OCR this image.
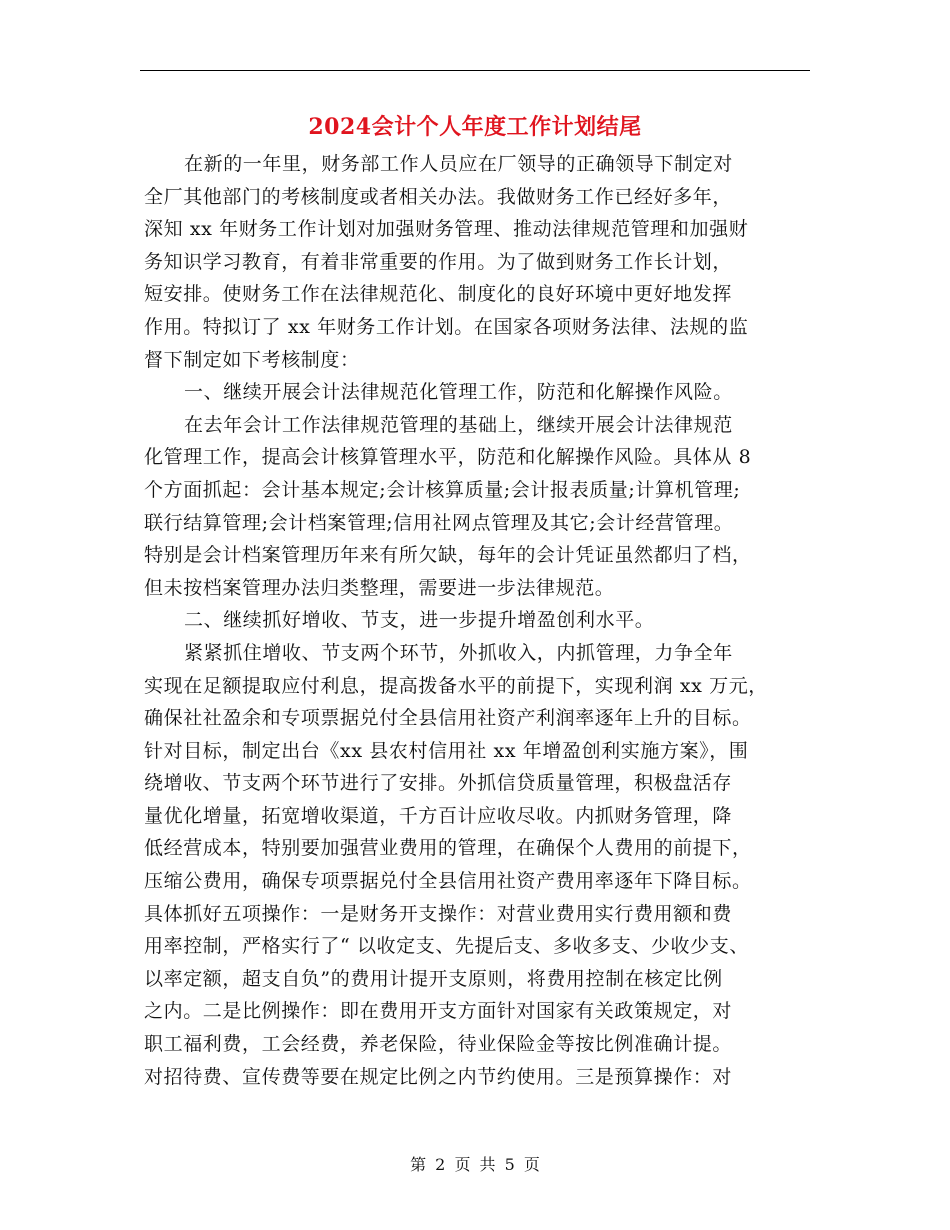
2024会计个人年度工作计划结尾
在新的一年里，财务部工作人员应在厂领导的正确领导下制定对
全厂其他部门的考核制度或者相关办法。我做财务工作已经好多年，
深知 xx 年财务工作计划对加强财务管理、推动法律规范管理和加强财
务知识学习教育，有着非常重要的作用。为了做到财务工作长计划，
短安排。使财务工作在法律规范化、制度化的良好环境中更好地发挥
作用。特拟订了 xx 年财务工作计划。在国家各项财务法律、法规的监
督下制定如下考核制度：
一、继续开展会计法律规范化管理工作，防范和化解操作风险。
在去年会计工作法律规范管理的基础上，继续开展会计法律规范
化管理工作，提高会计核算管理水平，防范和化解操作风险。具体从 8
个方面抓起：会计基本规定;会计核算质量;会计报表质量;计算机管理;
联行结算管理;会计档案管理;信用社网点管理及其它;会计经营管理。
特别是会计档案管理历年来有所欠缺，每年的会计凭证虽然都归了档，
但未按档案管理办法归类整理，需要进一步法律规范。
二、继续抓好增收、节支，进一步提升增盈创利水平。
紧紧抓住增收、节支两个环节，外抓收入，内抓管理，力争全年
实现在足额提取应付利息，提高拨备水平的前提下，实现利润 xx 万元，
确保社社盈余和专项票据兑付全县信用社资产利润率逐年上升的目标。
针对目标，制定出台《xx 县农村信用社 xx 年增盈创利实施方案》，围
绕增收、节支两个环节进行了安排。外抓信贷质量管理，积极盘活存
量优化增量，拓宽增收渠道，千方百计应收尽收。内抓财务管理，降
低经营成本，特别要加强营业费用的管理，在确保个人费用的前提下，
压缩公费用，确保专项票据兑付全县信用社资产费用率逐年下降目标。
具体抓好五项操作：一是财务开支操作：对营业费用实行费用额和费
用率控制，严格实行了“ 以收定支、先提后支、多收多支、少收少支、
以率定额，超支自负”的费用计提开支原则，将费用控制在核定比例
之内。二是比例操作：即在费用开支方面针对国家有关政策规定，对
职工福利费，工会经费，养老保险，待业保险金等按比例准确计提。
对招待费、宣传费等要在规定比例之内节约使用。三是预算操作：对
第 2 页 共 5 页
